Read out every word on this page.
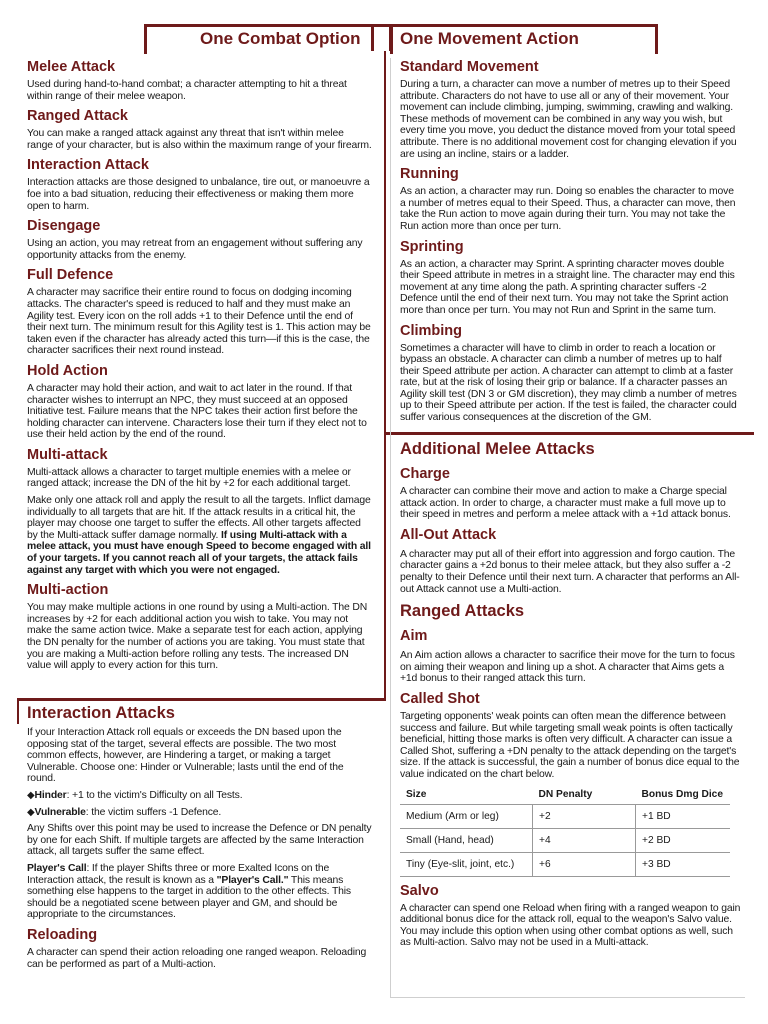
One Combat Option One Movement Action
Melee Attack

Used during hand-to-hand combat; a character attempting to hit a threat within range of their melee weapon.

Ranged Attack

You can make a ranged attack against any threat that isn't within melee range of your character, but is also within the maximum range of your firearm.

Interaction Attack

Interaction attacks are those designed to unbalance, tire out, or manoeuvre a foe into a bad situation, reducing their effectiveness or making them more open to harm.

Disengage

Using an action, you may retreat from an engagement without suffering any opportunity attacks from the enemy.

Full Defence

A character may sacrifice their entire round to focus on dodging incoming attacks. The character's speed is reduced to half and they must make an Agility test. Every icon on the roll adds +1 to their Defence until the end of their next turn. The minimum result for this Agility test is 1. This action may be taken even if the character has already acted this turn—if this is the case, the character sacrifices their next round instead.

Hold Action

A character may hold their action, and wait to act later in the round. If that character wishes to interrupt an NPC, they must succeed at an opposed Initiative test. Failure means that the NPC takes their action first before the holding character can intervene. Characters lose their turn if they elect not to use their held action by the end of the round.

Multi-attack

Multi-attack allows a character to target multiple enemies with a melee or ranged attack; increase the DN of the hit by +2 for each additional target.

Make only one attack roll and apply the result to all the targets. Inflict damage individually to all targets that are hit. If the attack results in a critical hit, the player may choose one target to suffer the effects. All other targets affected by the Multi-attack suffer damage normally. If using Multi-attack with a melee attack, you must have enough Speed to become engaged with all of your targets. If you cannot reach all of your targets, the attack fails against any target with which you were not engaged.

Multi-action

You may make multiple actions in one round by using a Multi-action. The DN increases by +2 for each additional action you wish to take. You may not make the same action twice. Make a separate test for each action, applying the DN penalty for the number of actions you are taking. You must state that you are making a Multi-action before rolling any tests. The increased DN value will apply to every action for this turn.

Standard Movement

During a turn, a character can move a number of metres up to their Speed attribute. Characters do not have to use all or any of their movement. Your movement can include climbing, jumping, swimming, crawling and walking. These methods of movement can be combined in any way you wish, but every time you move, you deduct the distance moved from your total speed attribute. There is no additional movement cost for changing elevation if you are using an incline, stairs or a ladder.

Running

As an action, a character may run. Doing so enables the character to move a number of metres equal to their Speed. Thus, a character can move, then take the Run action to move again during their turn. You may not take the Run action more than once per turn.

Sprinting

As an action, a character may Sprint. A sprinting character moves double their Speed attribute in metres in a straight line. The character may end this movement at any time along the path. A sprinting character suffers -2 Defence until the end of their next turn. You may not take the Sprint action more than once per turn. You may not Run and Sprint in the same turn.

Climbing

Sometimes a character will have to climb in order to reach a location or bypass an obstacle. A character can climb a number of metres up to half their Speed attribute per action. A character can attempt to climb at a faster rate, but at the risk of losing their grip or balance. If a character passes an Agility skill test (DN 3 or GM discretion), they may climb a number of metres up to their Speed attribute per action. If the test is failed, the character could suffer various consequences at the discretion of the GM.

Interaction Attacks

If your Interaction Attack roll equals or exceeds the DN based upon the opposing stat of the target, several effects are possible. The two most common effects, however, are Hindering a target, or making a target Vulnerable. Choose one: Hinder or Vulnerable; lasts until the end of the round.

◆Hinder: +1 to the victim's Difficulty on all Tests.

◆Vulnerable: the victim suffers -1 Defence.

Any Shifts over this point may be used to increase the Defence or DN penalty by one for each Shift. If multiple targets are affected by the same Interaction attack, all targets suffer the same effect.

Player's Call: If the player Shifts three or more Exalted Icons on the Interaction attack, the result is known as a "Player's Call." This means something else happens to the target in addition to the other effects. This should be a negotiated scene between player and GM, and should be appropriate to the circumstances.

Reloading

A character can spend their action reloading one ranged weapon. Reloading can be performed as part of a Multi-action.

Additional Melee Attacks
Charge

A character can combine their move and action to make a Charge special attack action. In order to charge, a character must make a full move up to their speed in metres and perform a melee attack with a +1d attack bonus.

All-Out Attack

A character may put all of their effort into aggression and forgo caution. The character gains a +2d bonus to their melee attack, but they also suffer a -2 penalty to their Defence until their next turn. A character that performs an All-out Attack cannot use a Multi-action.

Ranged Attacks
Aim

An Aim action allows a character to sacrifice their move for the turn to focus on aiming their weapon and lining up a shot. A character that Aims gets a +1d bonus to their ranged attack this turn.

Called Shot

Targeting opponents' weak points can often mean the difference between success and failure. But while targeting small weak points is often tactically beneficial, hitting those marks is often very difficult. A character can issue a Called Shot, suffering a +DN penalty to the attack depending on the target's size. If the attack is successful, the gain a number of bonus dice equal to the value indicated on the chart below.

Size	DN Penalty	Bonus Dmg Dice
Medium (Arm or leg)	+2	+1 BD
Small (Hand, head)	+4	+2 BD
Tiny (Eye-slit, joint, etc.)	+6	+3 BD
Salvo

A character can spend one Reload when firing with a ranged weapon to gain additional bonus dice for the attack roll, equal to the weapon's Salvo value. You may include this option when using other combat options as well, such as Multi-action. Salvo may not be used in a Multi-attack.
